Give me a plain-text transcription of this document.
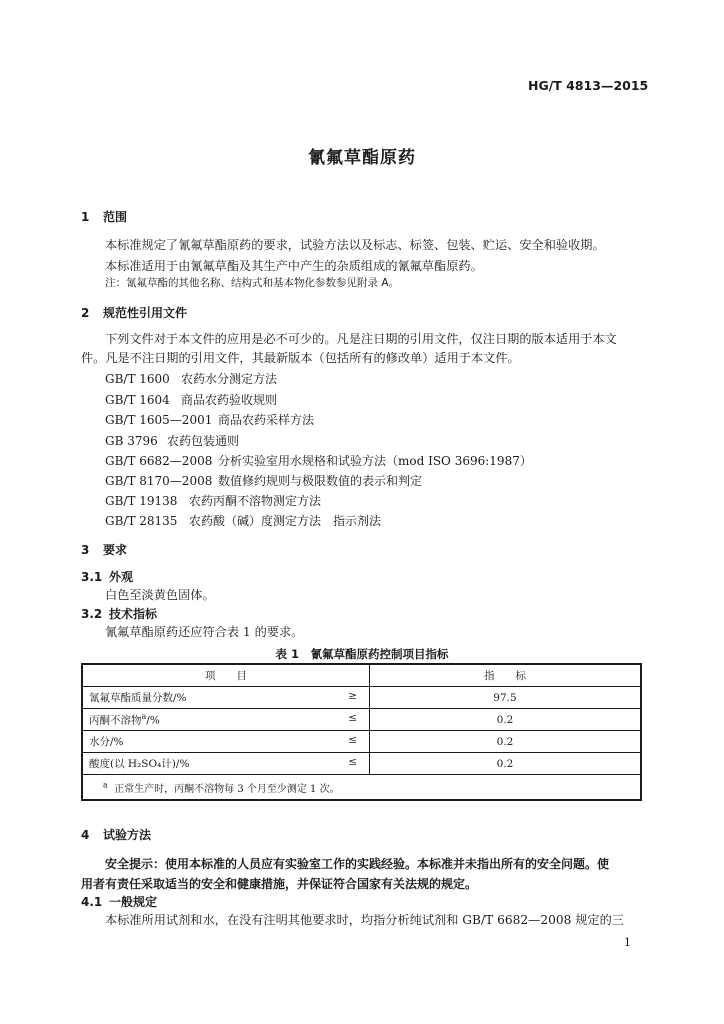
HG/T 4813—2015
氰氟草酯原药
1 范围
本标准规定了氰氟草酯原药的要求，试验方法以及标志、标签、包装、贮运、安全和验收期。
本标准适用于由氰氟草酯及其生产中产生的杂质组成的氰氟草酯原药。
注：氰氟草酯的其他名称、结构式和基本物化参数参见附录 A。
2 规范性引用文件
下列文件对于本文件的应用是必不可少的。凡是注日期的引用文件，仅注日期的版本适用于本文
件。凡是不注日期的引用文件，其最新版本（包括所有的修改单）适用于本文件。
GB/T 1600 农药水分测定方法
GB/T 1604 商品农药验收规则
GB/T 1605—2001 商品农药采样方法
GB 3796 农药包装通则
GB/T 6682—2008 分析实验室用水规格和试验方法（mod ISO 3696:1987）
GB/T 8170—2008 数值修约规则与极限数值的表示和判定
GB/T 19138 农药丙酮不溶物测定方法
GB/T 28135 农药酸（碱）度测定方法　指示剂法
3 要求
3.1 外观
白色至淡黄色固体。
3.2 技术指标
氰氟草酯原药还应符合表 1 的要求。
表 1　氰氟草酯原药控制项目指标
项　　目	指　　标
氰氟草酯质量分数/% ≥	97.5
丙酮不溶物$^a$/% ≤	0.2
水分/% ≤	0.2
酸度(以 H₂SO₄计)/% ≤	0.2
$^a$ 正常生产时，丙酮不溶物每 3 个月至少测定 1 次。	
4 试验方法
安全提示：使用本标准的人员应有实验室工作的实践经验。本标准并未指出所有的安全问题。使
用者有责任采取适当的安全和健康措施，并保证符合国家有关法规的规定。
4.1 一般规定
本标准所用试剂和水，在没有注明其他要求时，均指分析纯试剂和 GB/T 6682—2008 规定的三
1
